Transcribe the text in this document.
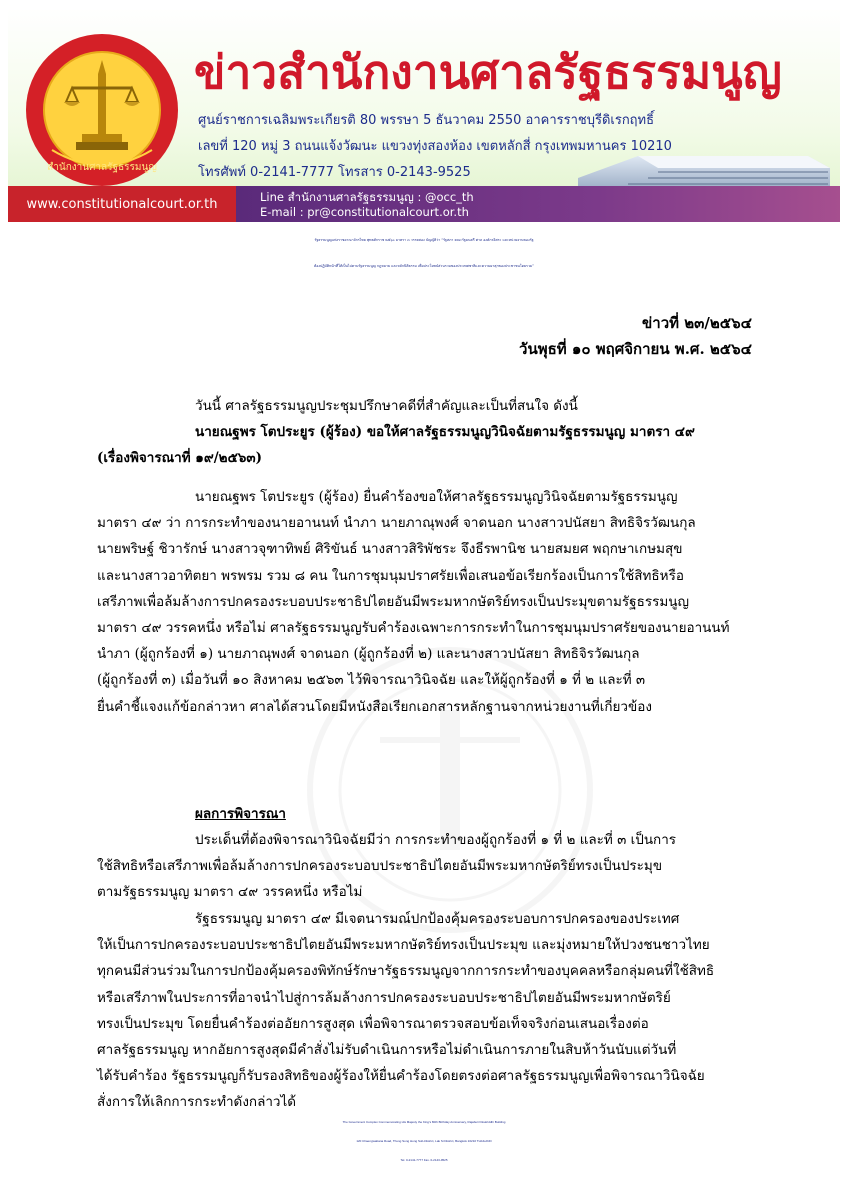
สำนักงานศาลรัฐธรรมนูญ
ข่าวสำนักงานศาลรัฐธรรมนูญ
ศูนย์ราชการเฉลิมพระเกียรติ 80 พรรษา 5 ธันวาคม 2550 อาคารราชบุรีดิเรกฤทธิ์
เลขที่ 120 หมู่ 3 ถนนแจ้งวัฒนะ แขวงทุ่งสองห้อง เขตหลักสี่ กรุงเทพมหานคร 10210
โทรศัพท์ 0-2141-7777 โทรสาร 0-2143-9525
www.constitutionalcourt.or.th	Line สำนักงานศาลรัฐธรรมนูญ : @occ_th
E-mail : pr@constitutionalcourt.or.th
รัฐธรรมนูญแห่งราชอาณาจักรไทย พุทธศักราช ๒๕๖๐ มาตรา ๓ วรรคสอง บัญญัติว่า “รัฐสภา คณะรัฐมนตรี ศาล องค์กรอิสระ และหน่วยงานของรัฐ
ต้องปฏิบัติหน้าที่ให้เป็นไปตามรัฐธรรมนูญ กฎหมาย และหลักนิติธรรม เพื่อประโยชน์ส่วนรวมของประเทศชาติและความผาสุกของประชาชนโดยรวม”
ข่าวที่ ๒๓/๒๕๖๔
วันพุธที่ ๑๐ พฤศจิกายน พ.ศ. ๒๕๖๔
วันนี้ ศาลรัฐธรรมนูญประชุมปรึกษาคดีที่สำคัญและเป็นที่สนใจ ดังนี้
นายณฐพร โตประยูร (ผู้ร้อง) ขอให้ศาลรัฐธรรมนูญวินิจฉัยตามรัฐธรรมนูญ มาตรา ๔๙
(เรื่องพิจารณาที่ ๑๙/๒๕๖๓)
นายณฐพร โตประยูร (ผู้ร้อง) ยื่นคำร้องขอให้ศาลรัฐธรรมนูญวินิจฉัยตามรัฐธรรมนูญ
มาตรา ๔๙ ว่า การกระทำของนายอานนท์ นำภา นายภาณุพงศ์ จาดนอก นางสาวปนัสยา สิทธิจิรวัฒนกุล
นายพริษฐ์ ชิวารักษ์ นางสาวจุฑาทิพย์ ศิริขันธ์ นางสาวสิริพัชระ จึงธีรพานิช นายสมยศ พฤกษาเกษมสุข
และนางสาวอาทิตยา พรพรม รวม ๘ คน ในการชุมนุมปราศรัยเพื่อเสนอข้อเรียกร้องเป็นการใช้สิทธิหรือ
เสรีภาพเพื่อล้มล้างการปกครองระบอบประชาธิปไตยอันมีพระมหากษัตริย์ทรงเป็นประมุขตามรัฐธรรมนูญ
มาตรา ๔๙ วรรคหนึ่ง หรือไม่ ศาลรัฐธรรมนูญรับคำร้องเฉพาะการกระทำในการชุมนุมปราศรัยของนายอานนท์
นำภา (ผู้ถูกร้องที่ ๑) นายภาณุพงศ์ จาดนอก (ผู้ถูกร้องที่ ๒) และนางสาวปนัสยา สิทธิจิรวัฒนกุล
(ผู้ถูกร้องที่ ๓) เมื่อวันที่ ๑๐ สิงหาคม ๒๕๖๓ ไว้พิจารณาวินิจฉัย และให้ผู้ถูกร้องที่ ๑ ที่ ๒ และที่ ๓
ยื่นคำชี้แจงแก้ข้อกล่าวหา ศาลได้สวนโดยมีหนังสือเรียกเอกสารหลักฐานจากหน่วยงานที่เกี่ยวข้อง
ผลการพิจารณา
ประเด็นที่ต้องพิจารณาวินิจฉัยมีว่า การกระทำของผู้ถูกร้องที่ ๑ ที่ ๒ และที่ ๓ เป็นการ
ใช้สิทธิหรือเสรีภาพเพื่อล้มล้างการปกครองระบอบประชาธิปไตยอันมีพระมหากษัตริย์ทรงเป็นประมุข
ตามรัฐธรรมนูญ มาตรา ๔๙ วรรคหนึ่ง หรือไม่
รัฐธรรมนูญ มาตรา ๔๙ มีเจตนารมณ์ปกป้องคุ้มครองระบอบการปกครองของประเทศ
ให้เป็นการปกครองระบอบประชาธิปไตยอันมีพระมหากษัตริย์ทรงเป็นประมุข และมุ่งหมายให้ปวงชนชาวไทย
ทุกคนมีส่วนร่วมในการปกป้องคุ้มครองพิทักษ์รักษารัฐธรรมนูญจากการกระทำของบุคคลหรือกลุ่มคนที่ใช้สิทธิ
หรือเสรีภาพในประการที่อาจนำไปสู่การล้มล้างการปกครองระบอบประชาธิปไตยอันมีพระมหากษัตริย์
ทรงเป็นประมุข โดยยื่นคำร้องต่ออัยการสูงสุด เพื่อพิจารณาตรวจสอบข้อเท็จจริงก่อนเสนอเรื่องต่อ
ศาลรัฐธรรมนูญ หากอัยการสูงสุดมีคำสั่งไม่รับดำเนินการหรือไม่ดำเนินการภายในสิบห้าวันนับแต่วันที่
ได้รับคำร้อง รัฐธรรมนูญก็รับรองสิทธิของผู้ร้องให้ยื่นคำร้องโดยตรงต่อศาลรัฐธรรมนูญเพื่อพิจารณาวินิจฉัย
สั่งการให้เลิกการกระทำดังกล่าวได้
The Government Complex Commemorating His Majesty the King’s 80th Birthday Anniversary, Rajaburi Direkriddhi Building
120 Chaengwattana Road, Thung Song Hong Sub-District, Lak Si District, Bangkok 10210 THAILAND
Tel. 0-2141-7777 Fax. 0-2143-9525
